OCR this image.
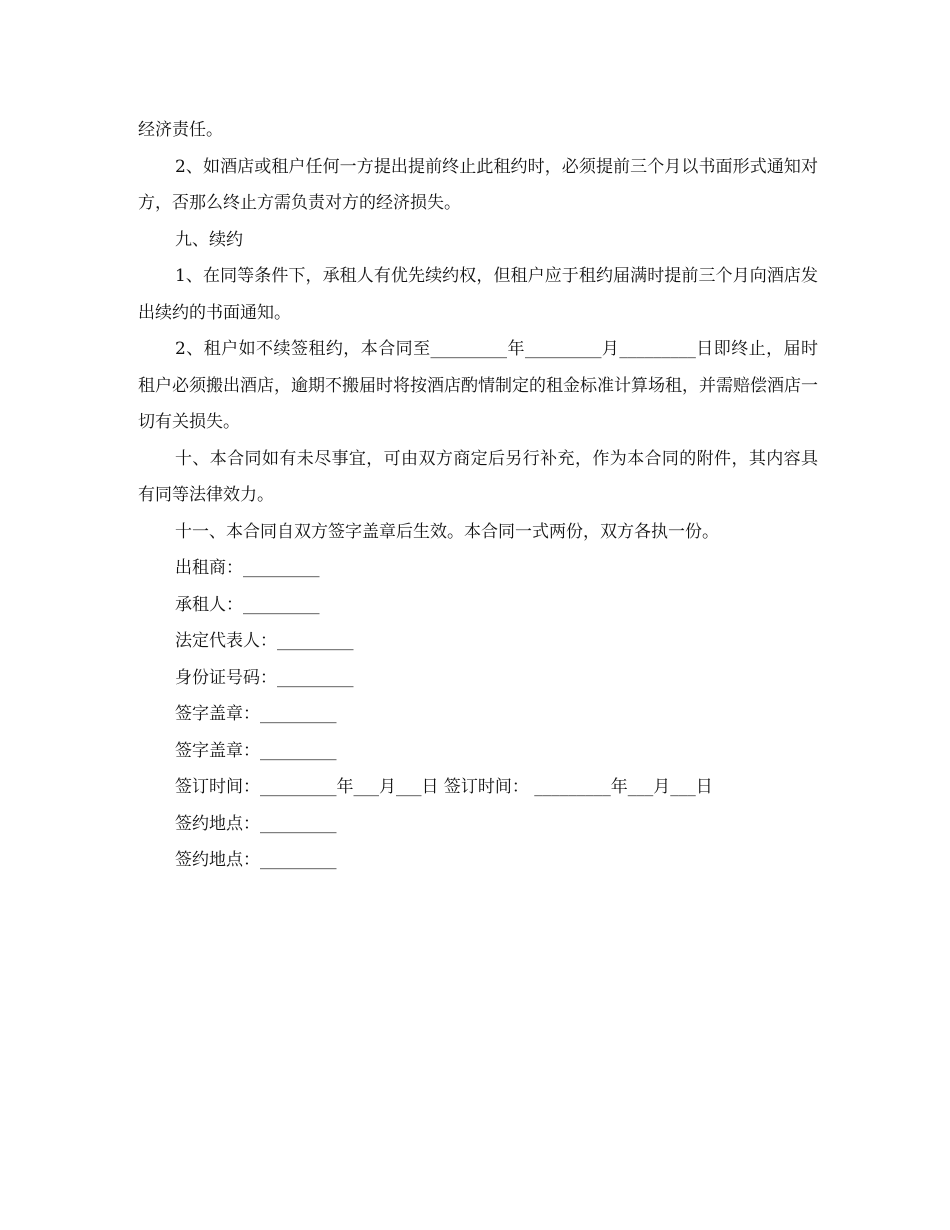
经济责任。

2、如酒店或租户任何一方提出提前终止此租约时，必须提前三个月以书面形式通知对方，否那么终止方需负责对方的经济损失。

九、续约

1、在同等条件下，承租人有优先续约权，但租户应于租约届满时提前三个月向酒店发出续约的书面通知。

2、租户如不续签租约，本合同至_________年_________月_________日即终止，届时租户必须搬出酒店，逾期不搬届时将按酒店酌情制定的租金标准计算场租，并需赔偿酒店一切有关损失。

十、本合同如有未尽事宜，可由双方商定后另行补充，作为本合同的附件，其内容具有同等法律效力。

十一、本合同自双方签字盖章后生效。本合同一式两份，双方各执一份。

出租商：_________

承租人：_________

法定代表人：_________

身份证号码：_________

签字盖章：_________

签字盖章：_________

签订时间：_________年___月___日 签订时间： _________年___月___日

签约地点：_________

签约地点：_________
